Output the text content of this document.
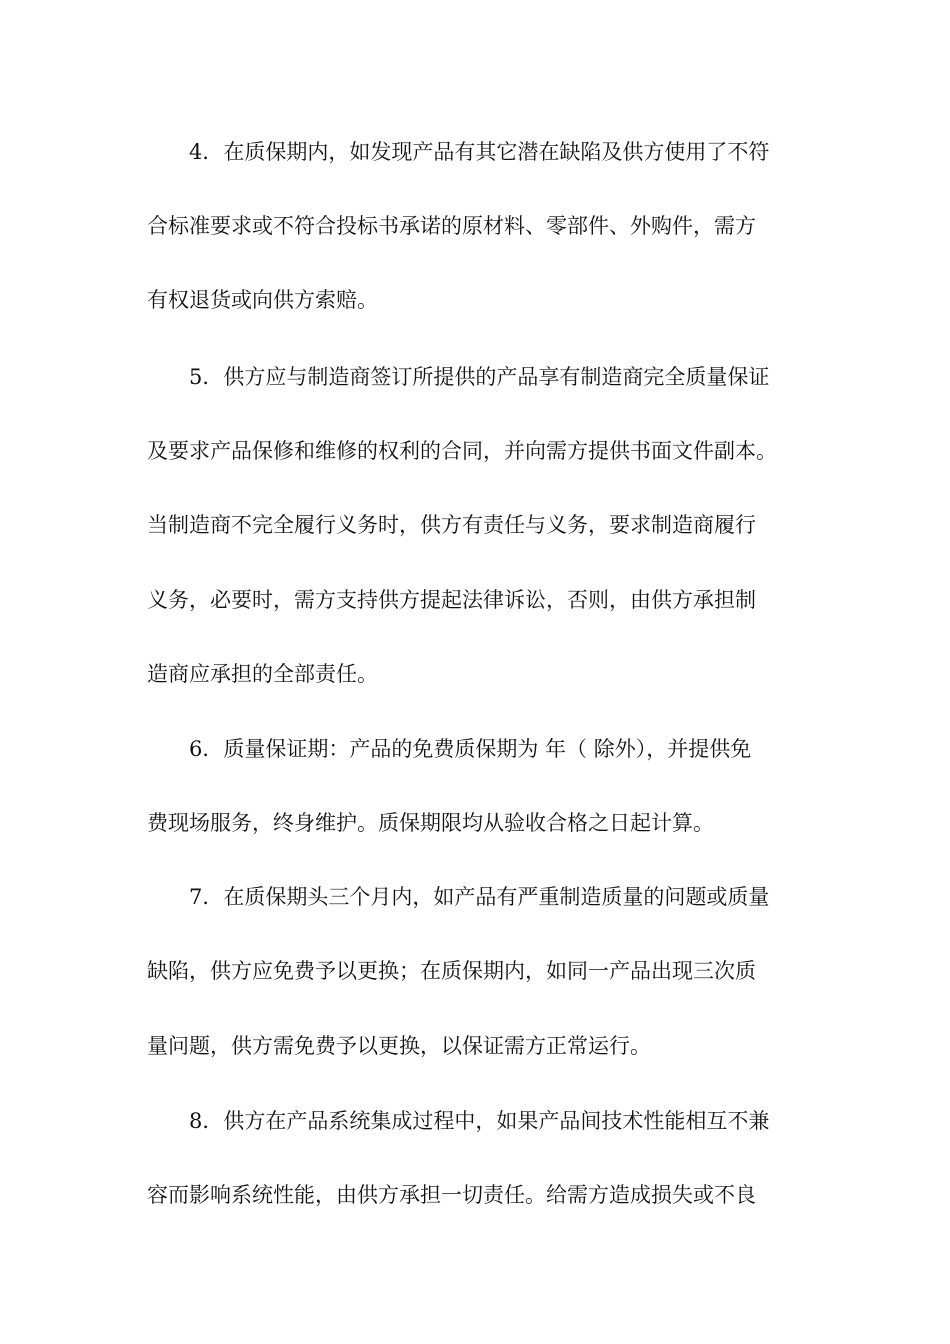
4．在质保期内，如发现产品有其它潜在缺陷及供方使用了不符
合标准要求或不符合投标书承诺的原材料、零部件、外购件，需方
有权退货或向供方索赔。
5．供方应与制造商签订所提供的产品享有制造商完全质量保证
及要求产品保修和维修的权利的合同，并向需方提供书面文件副本。
当制造商不完全履行义务时，供方有责任与义务，要求制造商履行
义务，必要时，需方支持供方提起法律诉讼，否则，由供方承担制
造商应承担的全部责任。
6．质量保证期：产品的免费质保期为 年（ 除外），并提供免
费现场服务，终身维护。质保期限均从验收合格之日起计算。
7．在质保期头三个月内，如产品有严重制造质量的问题或质量
缺陷，供方应免费予以更换；在质保期内，如同一产品出现三次质
量问题，供方需免费予以更换，以保证需方正常运行。
8．供方在产品系统集成过程中，如果产品间技术性能相互不兼
容而影响系统性能，由供方承担一切责任。给需方造成损失或不良
